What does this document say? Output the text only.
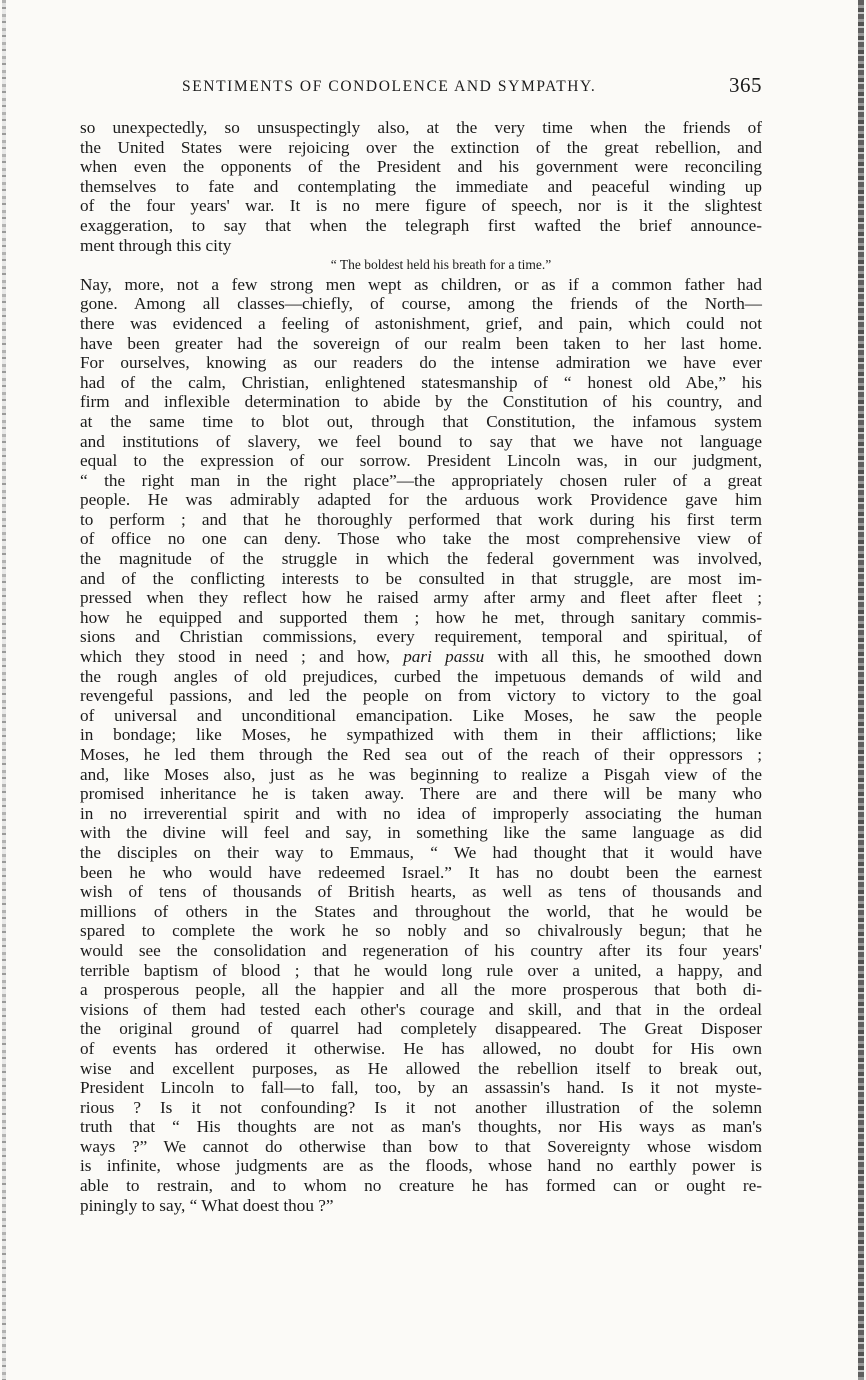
SENTIMENTS OF CONDOLENCE AND SYMPATHY.	365
so unexpectedly, so unsuspectingly also, at the very time when the friends of
the United States were rejoicing over the extinction of the great rebellion, and
when even the opponents of the President and his government were reconciling
themselves to fate and contemplating the immediate and peaceful winding up
of the four years' war. It is no mere figure of speech, nor is it the slightest
exaggeration, to say that when the telegraph first wafted the brief announce-
ment through this city
“ The boldest held his breath for a time.”
Nay, more, not a few strong men wept as children, or as if a common father had
gone. Among all classes—chiefly, of course, among the friends of the North—
there was evidenced a feeling of astonishment, grief, and pain, which could not
have been greater had the sovereign of our realm been taken to her last home.
For ourselves, knowing as our readers do the intense admiration we have ever
had of the calm, Christian, enlightened statesmanship of “ honest old Abe,” his
firm and inflexible determination to abide by the Constitution of his country, and
at the same time to blot out, through that Constitution, the infamous system
and institutions of slavery, we feel bound to say that we have not language
equal to the expression of our sorrow. President Lincoln was, in our judgment,
“ the right man in the right place”—the appropriately chosen ruler of a great
people. He was admirably adapted for the arduous work Providence gave him
to perform ; and that he thoroughly performed that work during his first term
of office no one can deny. Those who take the most comprehensive view of
the magnitude of the struggle in which the federal government was involved,
and of the conflicting interests to be consulted in that struggle, are most im-
pressed when they reflect how he raised army after army and fleet after fleet ;
how he equipped and supported them ; how he met, through sanitary commis-
sions and Christian commissions, every requirement, temporal and spiritual, of
which they stood in need ; and how, pari passu with all this, he smoothed down
the rough angles of old prejudices, curbed the impetuous demands of wild and
revengeful passions, and led the people on from victory to victory to the goal
of universal and unconditional emancipation. Like Moses, he saw the people
in bondage; like Moses, he sympathized with them in their afflictions; like
Moses, he led them through the Red sea out of the reach of their oppressors ;
and, like Moses also, just as he was beginning to realize a Pisgah view of the
promised inheritance he is taken away. There are and there will be many who
in no irreverential spirit and with no idea of improperly associating the human
with the divine will feel and say, in something like the same language as did
the disciples on their way to Emmaus, “ We had thought that it would have
been he who would have redeemed Israel.” It has no doubt been the earnest
wish of tens of thousands of British hearts, as well as tens of thousands and
millions of others in the States and throughout the world, that he would be
spared to complete the work he so nobly and so chivalrously begun; that he
would see the consolidation and regeneration of his country after its four years'
terrible baptism of blood ; that he would long rule over a united, a happy, and
a prosperous people, all the happier and all the more prosperous that both di-
visions of them had tested each other's courage and skill, and that in the ordeal
the original ground of quarrel had completely disappeared. The Great Disposer
of events has ordered it otherwise. He has allowed, no doubt for His own
wise and excellent purposes, as He allowed the rebellion itself to break out,
President Lincoln to fall—to fall, too, by an assassin's hand. Is it not myste-
rious ? Is it not confounding? Is it not another illustration of the solemn
truth that “ His thoughts are not as man's thoughts, nor His ways as man's
ways ?” We cannot do otherwise than bow to that Sovereignty whose wisdom
is infinite, whose judgments are as the floods, whose hand no earthly power is
able to restrain, and to whom no creature he has formed can or ought re-
piningly to say, “ What doest thou ?”
